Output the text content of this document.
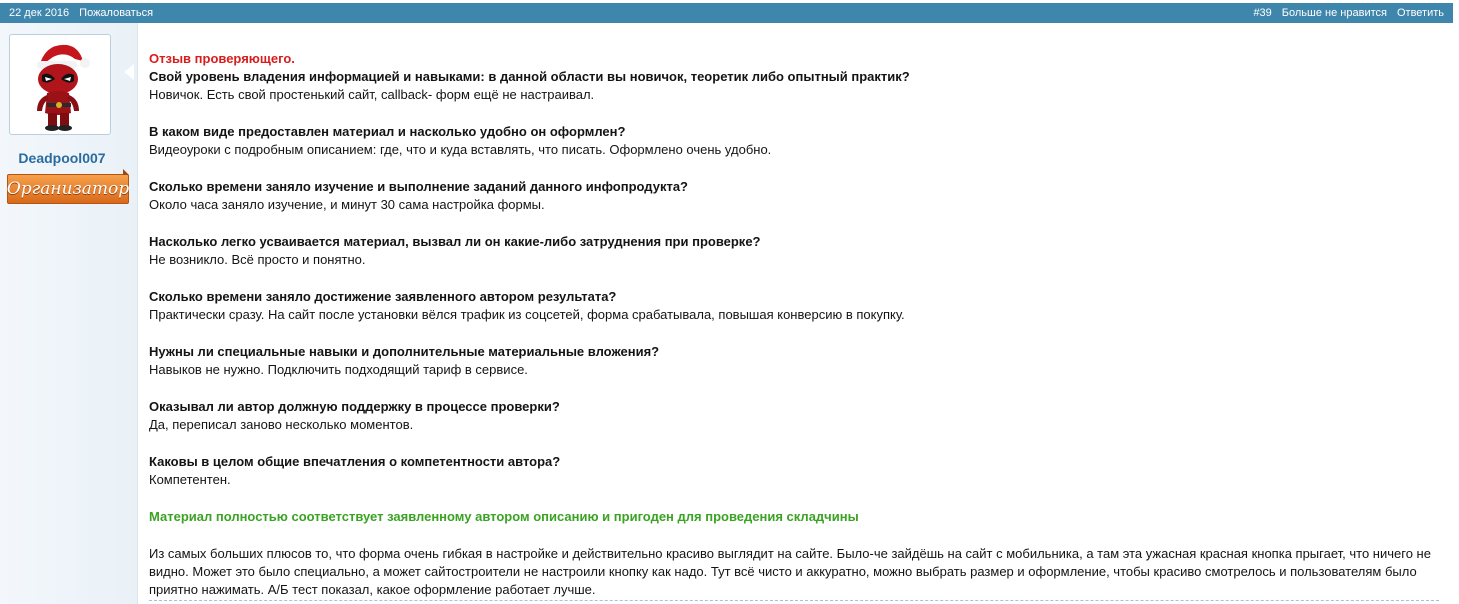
22 дек 2016 Пожаловаться	#39 Больше не нравится Ответить
Deadpool007
Организатор
Отзыв проверяющего.
Свой уровень владения информацией и навыками: в данной области вы новичок, теоретик либо опытный практик?
Новичок. Есть свой простенький сайт, callback- форм ещё не настраивал.
В каком виде предоставлен материал и насколько удобно он оформлен?
Видеоуроки с подробным описанием: где, что и куда вставлять, что писать. Оформлено очень удобно.
Сколько времени заняло изучение и выполнение заданий данного инфопродукта?
Около часа заняло изучение, и минут 30 сама настройка формы.
Насколько легко усваивается материал, вызвал ли он какие-либо затруднения при проверке?
Не возникло. Всё просто и понятно.
Сколько времени заняло достижение заявленного автором результата?
Практически сразу. На сайт после установки вёлся трафик из соцсетей, форма срабатывала, повышая конверсию в покупку.
Нужны ли специальные навыки и дополнительные материальные вложения?
Навыков не нужно. Подключить подходящий тариф в сервисе.
Оказывал ли автор должную поддержку в процессе проверки?
Да, переписал заново несколько моментов.
Каковы в целом общие впечатления о компетентности автора?
Компетентен.
Материал полностью соответствует заявленному автором описанию и пригоден для проведения складчины
Из самых больших плюсов то, что форма очень гибкая в настройке и действительно красиво выглядит на сайте. Было-че зайдёшь на сайт с мобильника, а там эта ужасная красная кнопка прыгает, что ничего не видно. Может это было специально, а может сайтостроители не настроили кнопку как надо. Тут всё чисто и аккуратно, можно выбрать размер и оформление, чтобы красиво смотрелось и пользователям было приятно нажимать. А/Б тест показал, какое оформление работает лучше.
